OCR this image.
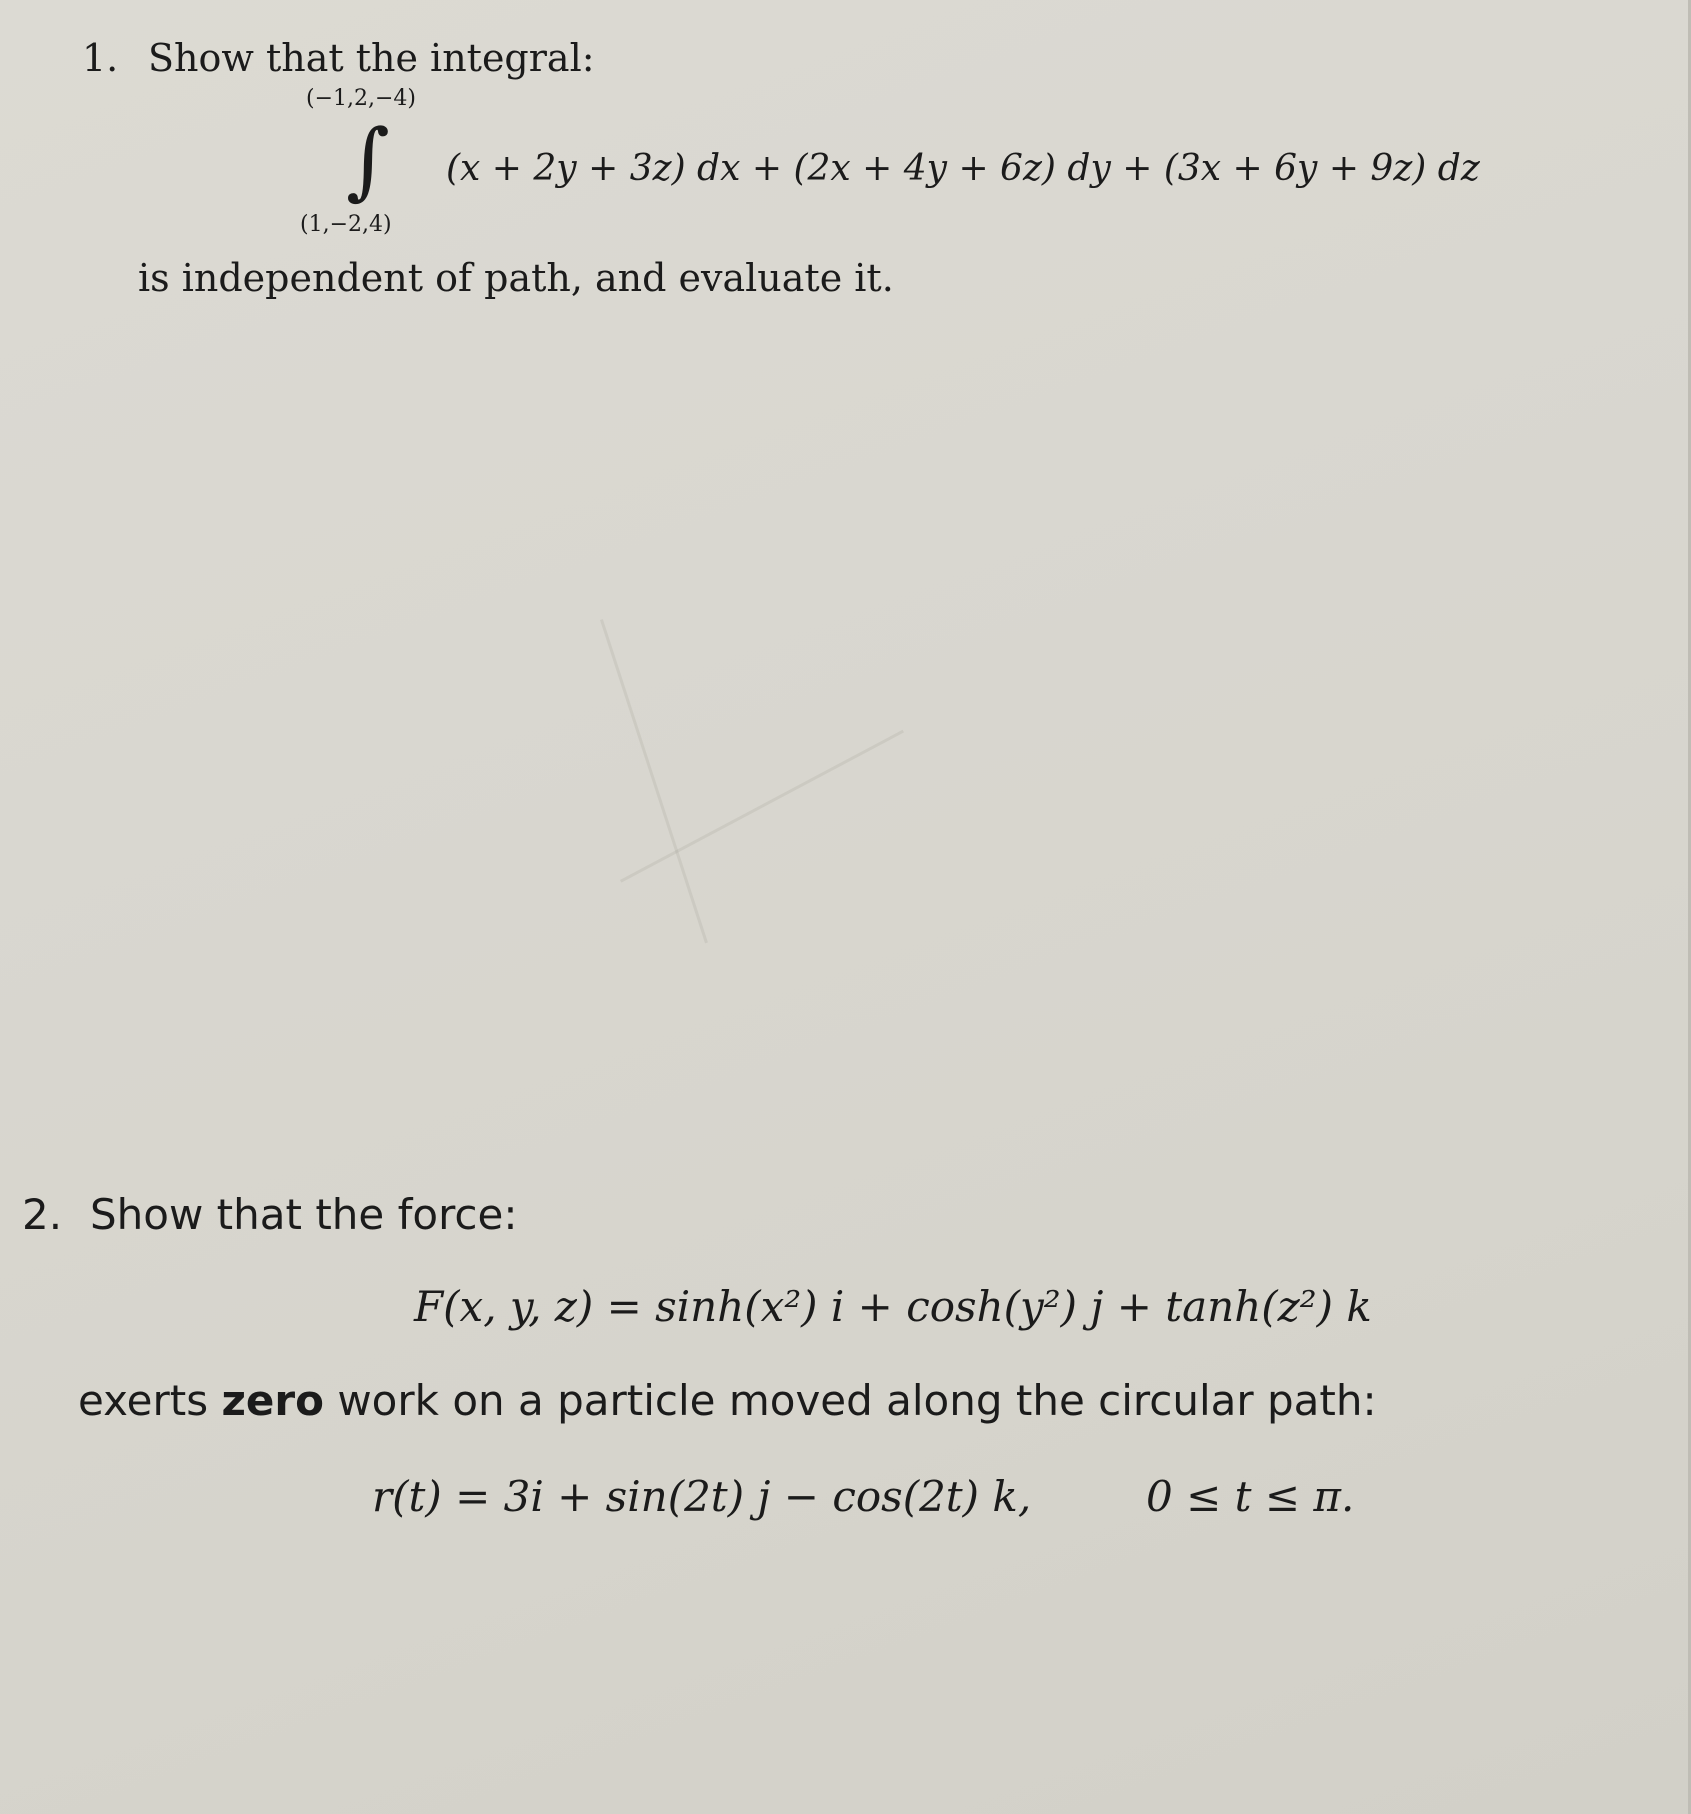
1. Show that the integral:
(−1,2,−4)
∫
(1,−2,4)
(x + 2y + 3z) dx + (2x + 4y + 6z) dy + (3x + 6y + 9z) dz
is independent of path, and evaluate it.
2. Show that the force:
F(x, y, z) = sinh(x²) i + cosh(y²) j + tanh(z²) k
exerts zero work on a particle moved along the circular path:
r(t) = 3i + sin(2t) j − cos(2t) k,	0 ≤ t ≤ π.
